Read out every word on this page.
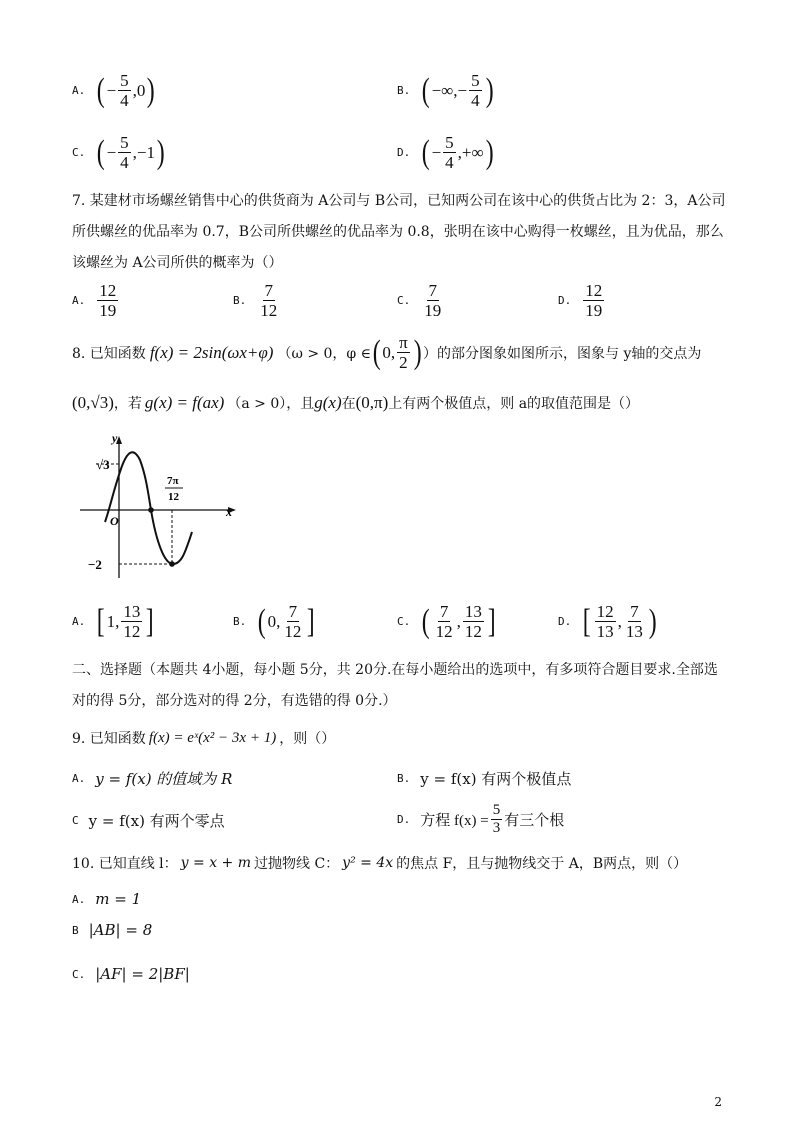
A. ( − $\frac{5}{4} ,0$ )	B. ( −∞,− $\frac{5}{4}$ )
C. ( − $\frac{5}{4} ,-1$ )	D. ( − $\frac{5}{4}$ ,+∞ )
7. 某建材市场螺丝销售中心的供货商为 A公司与 B公司，已知两公司在该中心的供货占比为 2：3，A公司
所供螺丝的优品率为 0.7，B公司所供螺丝的优品率为 0.8，张明在该中心购得一枚螺丝，且为优品，那么
该螺丝为 A公司所供的概率为（）
A. $\frac{12}{19}$	B. $\frac{7}{12}$	C. $\frac{7}{19}$	D. $\frac{12}{19}$
8. 已知函数 f(x) = 2sin(ωx+φ) （ω > 0，φ ∈ ( 0, $\frac{\pi}{2}$ ) ）的部分图象如图所示，图象与 y轴的交点为
(0,√3) ，若 g(x) = f(ax) （a > 0），且 g(x) 在 (0,π) 上有两个极值点，则 a的取值范围是（）
y
x
O
√3
7π
12
−2
A. [ 1, $\frac{13}{12}$ ]	B. ( 0, $\frac{7}{12}$ ]	C. ( $\frac{7}{12}$ , $\frac{13}{12}$ ]	D. [ $\frac{12}{13}$ , $\frac{7}{13}$ )
二、选择题（本题共 4小题，每小题 5分，共 20分.在每小题给出的选项中，有多项符合题目要求.全部选
对的得 5分，部分选对的得 2分，有选错的得 0分.）
9. 已知函数 f(x) = eˣ(x² − 3x + 1) ，则（）
A. y = f(x) 的值域为 R	B. y = f(x) 有两个极值点
C y = f(x) 有两个零点	D. 方程 $f(x) = \frac{5}{3}$ 有三个根
10. 已知直线 l： y = x + m 过抛物线 C： y² = 4x 的焦点 F，且与抛物线交于 A，B两点，则（）
A. m = 1
B |AB| = 8
C. |AF| = 2|BF|
2
